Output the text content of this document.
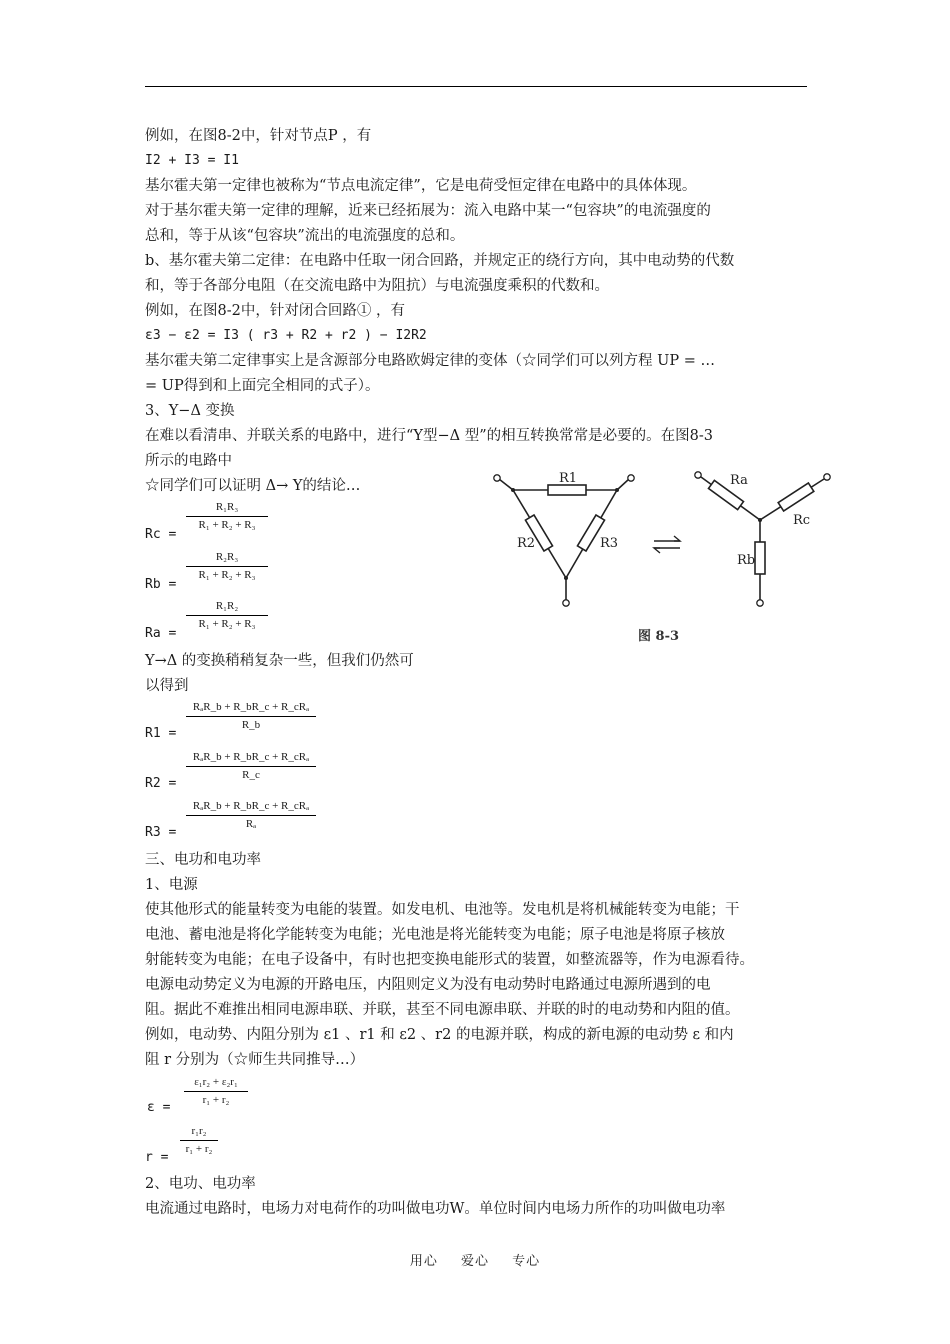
例如，在图8-2中，针对节点P ，有
I2 + I3 = I1
基尔霍夫第一定律也被称为“节点电流定律”，它是电荷受恒定律在电路中的具体体现。
对于基尔霍夫第一定律的理解，近来已经拓展为：流入电路中某一“包容块”的电流强度的
总和，等于从该“包容块”流出的电流强度的总和。
b、基尔霍夫第二定律：在电路中任取一闭合回路，并规定正的绕行方向，其中电动势的代数
和，等于各部分电阻（在交流电路中为阻抗）与电流强度乘积的代数和。
例如，在图8-2中，针对闭合回路① ，有
ε3 − ε2 = I3 ( r3 + R2 + r2 ) − I2R2
基尔霍夫第二定律事实上是含源部分电路欧姆定律的变体（☆同学们可以列方程 UP = …
= UP得到和上面完全相同的式子）。
3、Y−Δ 变换
在难以看清串、并联关系的电路中，进行“Y型−Δ 型”的相互转换常常是必要的。在图8-3
所示的电路中
☆同学们可以证明 Δ→ Y的结论…
$\frac{\text{R₁R₃}}{\text{R₁ + R₂ + R₃}}$
Rc =
$\frac{\text{R₂R₃}}{\text{R₁ + R₂ + R₃}}$
Rb =
$\frac{\text{R₁R₂}}{\text{R₁ + R₂ + R₃}}$
Ra =
Y→Δ 的变换稍稍复杂一些，但我们仍然可
以得到
RₐR_b + R_bR_c + R_cRₐ
R_b
R1 =
RₐR_b + R_bR_c + R_cRₐ
R_c
R2 =
RₐR_b + R_bR_c + R_cRₐ
Rₐ
R3 =
三、电功和电功率
1、电源
使其他形式的能量转变为电能的装置。如发电机、电池等。发电机是将机械能转变为电能；干
电池、蓄电池是将化学能转变为电能；光电池是将光能转变为电能；原子电池是将原子核放
射能转变为电能；在电子设备中，有时也把变换电能形式的装置，如整流器等，作为电源看待。
电源电动势定义为电源的开路电压，内阻则定义为没有电动势时电路通过电源所遇到的电
阻。据此不难推出相同电源串联、并联，甚至不同电源串联、并联的时的电动势和内阻的值。
例如，电动势、内阻分别为 ε1 、r1 和 ε2 、r2 的电源并联，构成的新电源的电动势 ε 和内
阻 r 分别为（☆师生共同推导…）
$\frac{\text{ε₁r₂ + ε₂r₁}}{\text{r₁ + r₂}}$
ε =
$\frac{\text{r₁r₂}}{\text{r₁ + r₂}}$
r =
2、电功、电功率
电流通过电路时，电场力对电荷作的功叫做电功W。单位时间内电场力所作的功叫做电功率
R1
R2	R3
Ra
Rc
Rb
图 8-3
用心 爱心 专心
